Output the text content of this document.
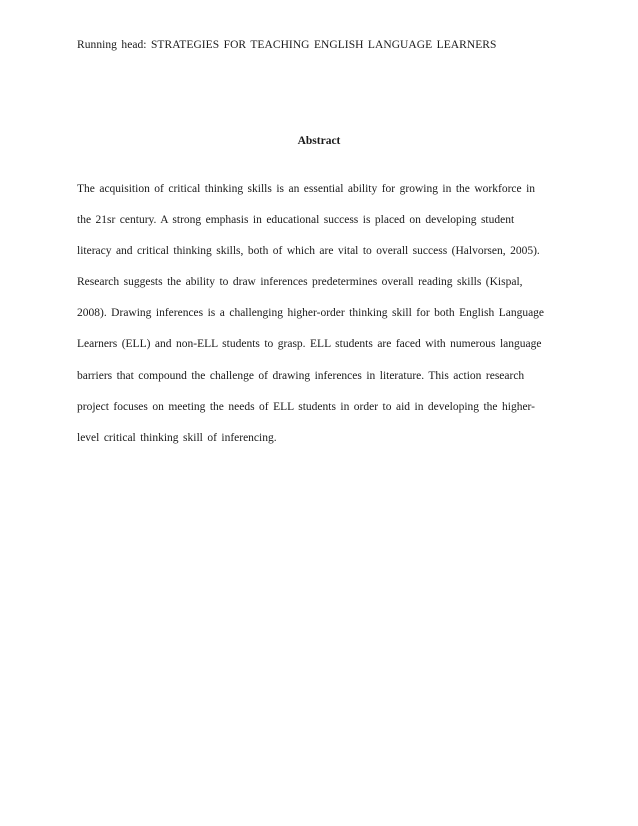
Running head: STRATEGIES FOR TEACHING ENGLISH LANGUAGE LEARNERS
Abstract
The acquisition of critical thinking skills is an essential ability for growing in the workforce in
the 21sr century. A strong emphasis in educational success is placed on developing student
literacy and critical thinking skills, both of which are vital to overall success (Halvorsen, 2005).
Research suggests the ability to draw inferences predetermines overall reading skills (Kispal,
2008). Drawing inferences is a challenging higher-order thinking skill for both English Language
Learners (ELL) and non-ELL students to grasp. ELL students are faced with numerous language
barriers that compound the challenge of drawing inferences in literature. This action research
project focuses on meeting the needs of ELL students in order to aid in developing the higher-
level critical thinking skill of inferencing.
